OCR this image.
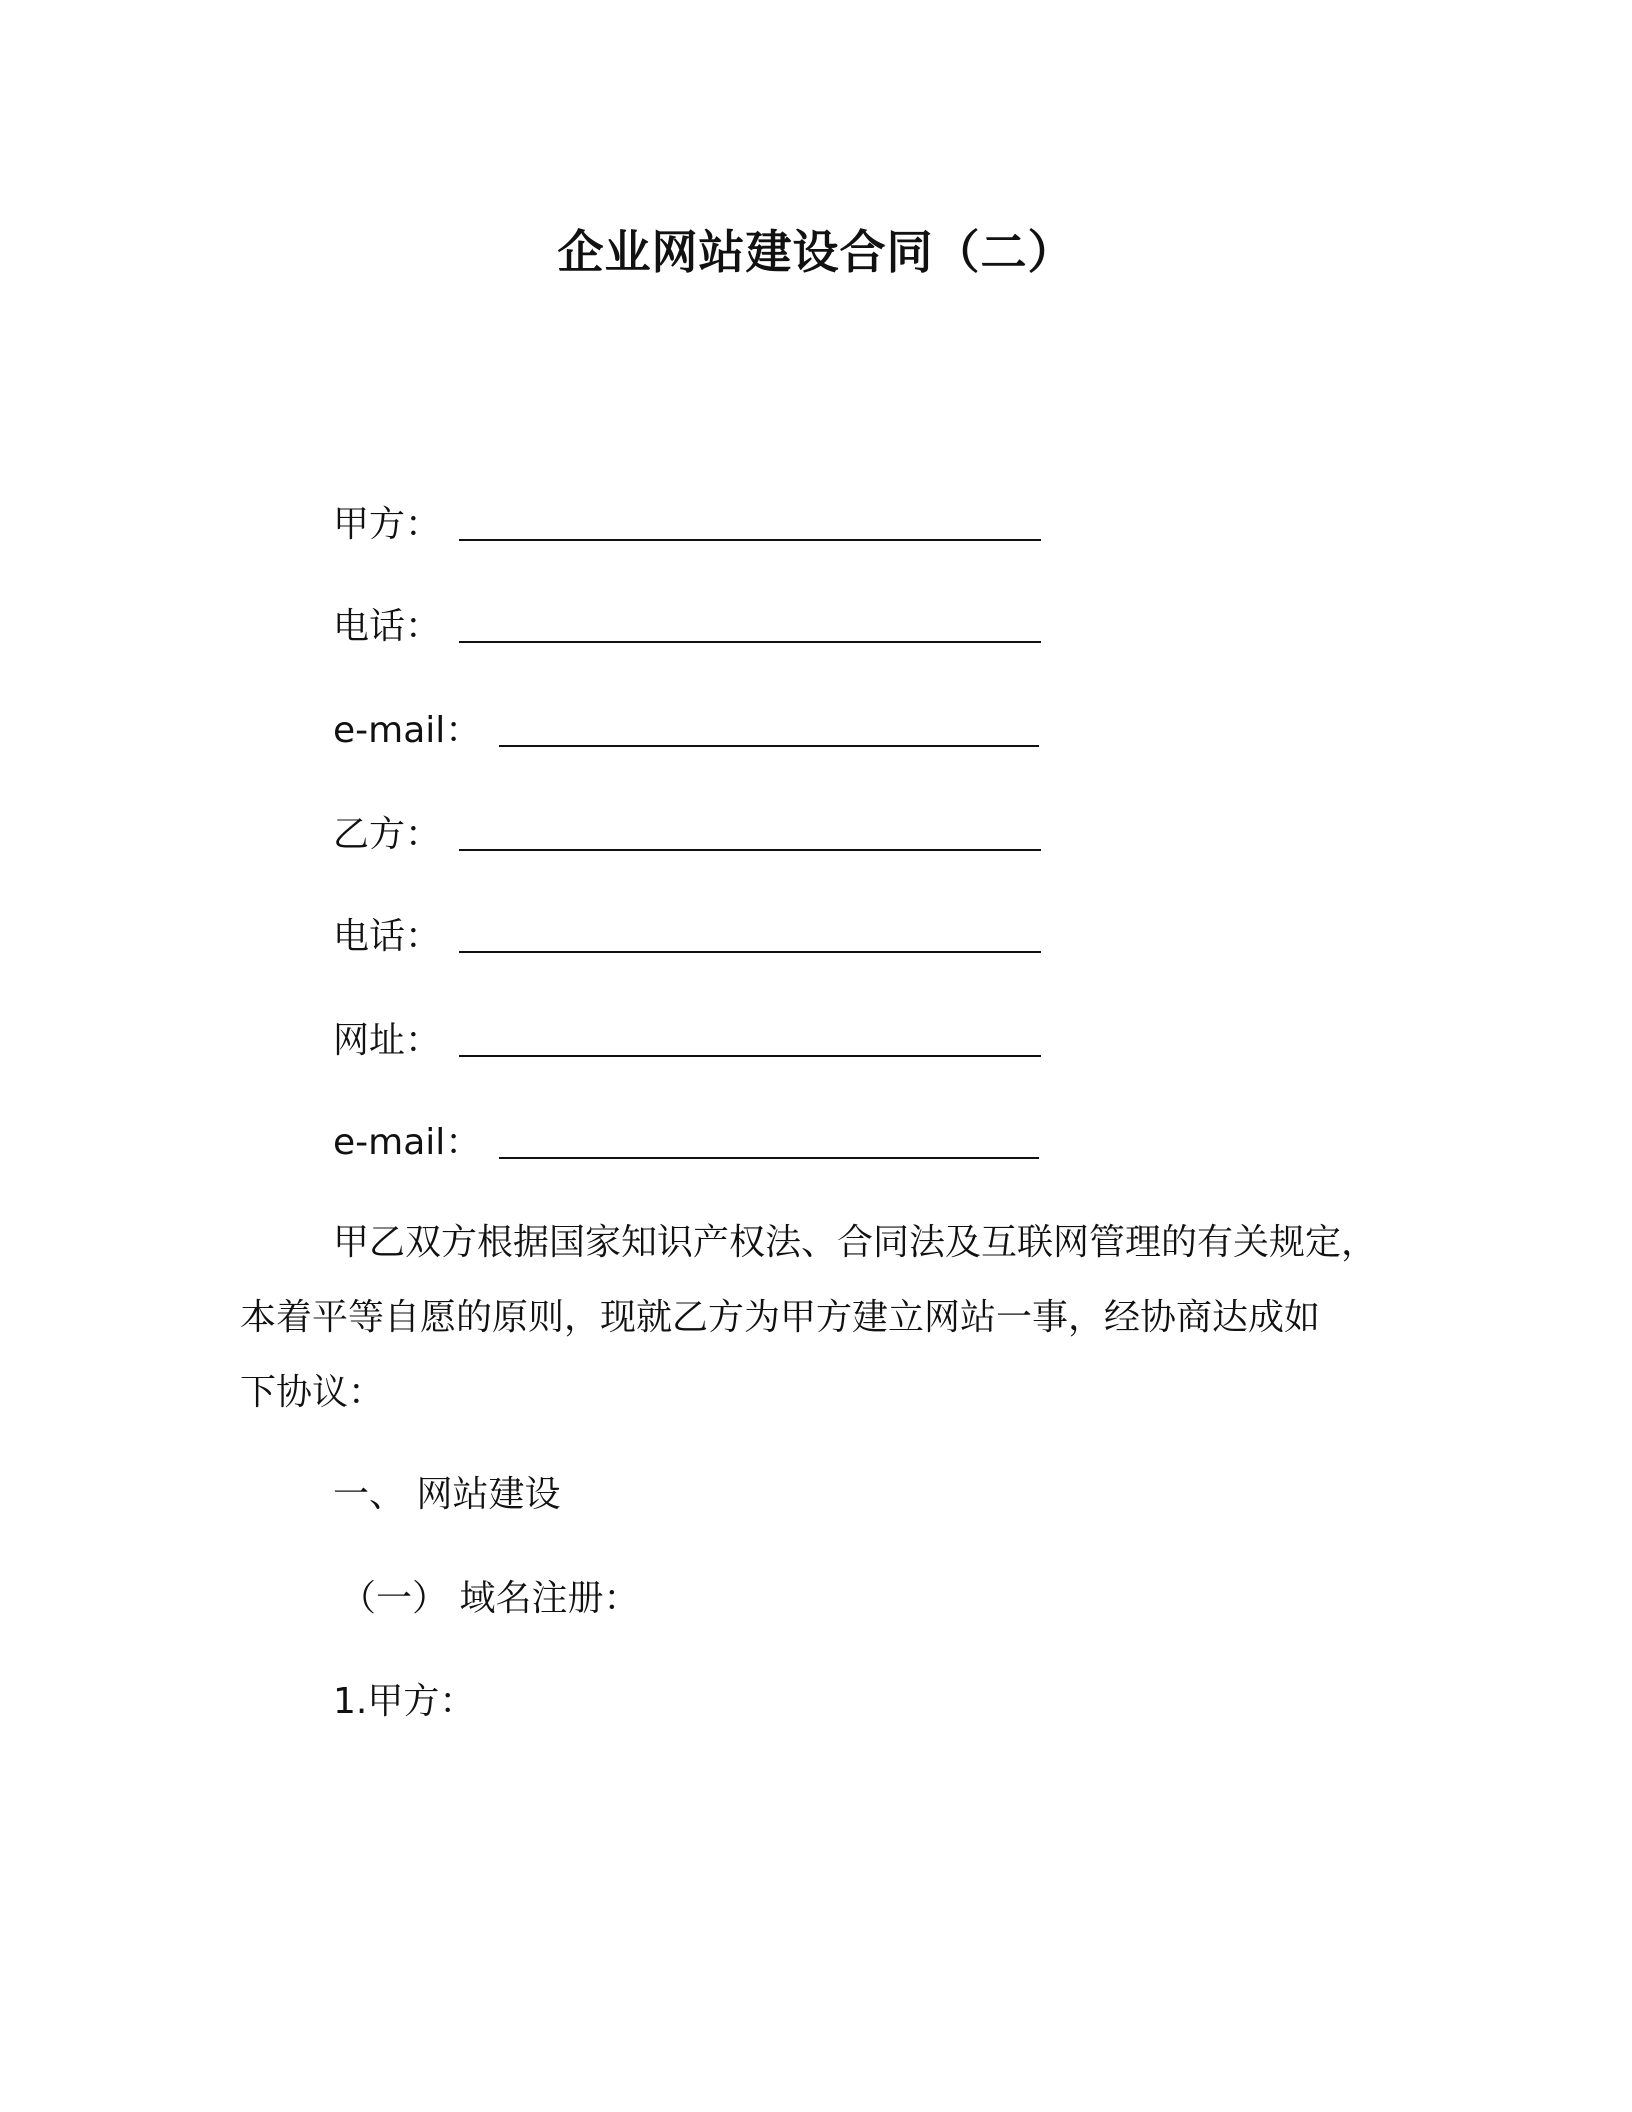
企业网站建设合同（二）
甲方：
电话：
e-mail：
乙方：
电话：
网址：
e-mail：
甲乙双方根据国家知识产权法、合同法及互联网管理的有关规定，
本着平等自愿的原则，现就乙方为甲方建立网站一事，经协商达成如
下协议：
一、 网站建设
（一） 域名注册：
1.甲方：
